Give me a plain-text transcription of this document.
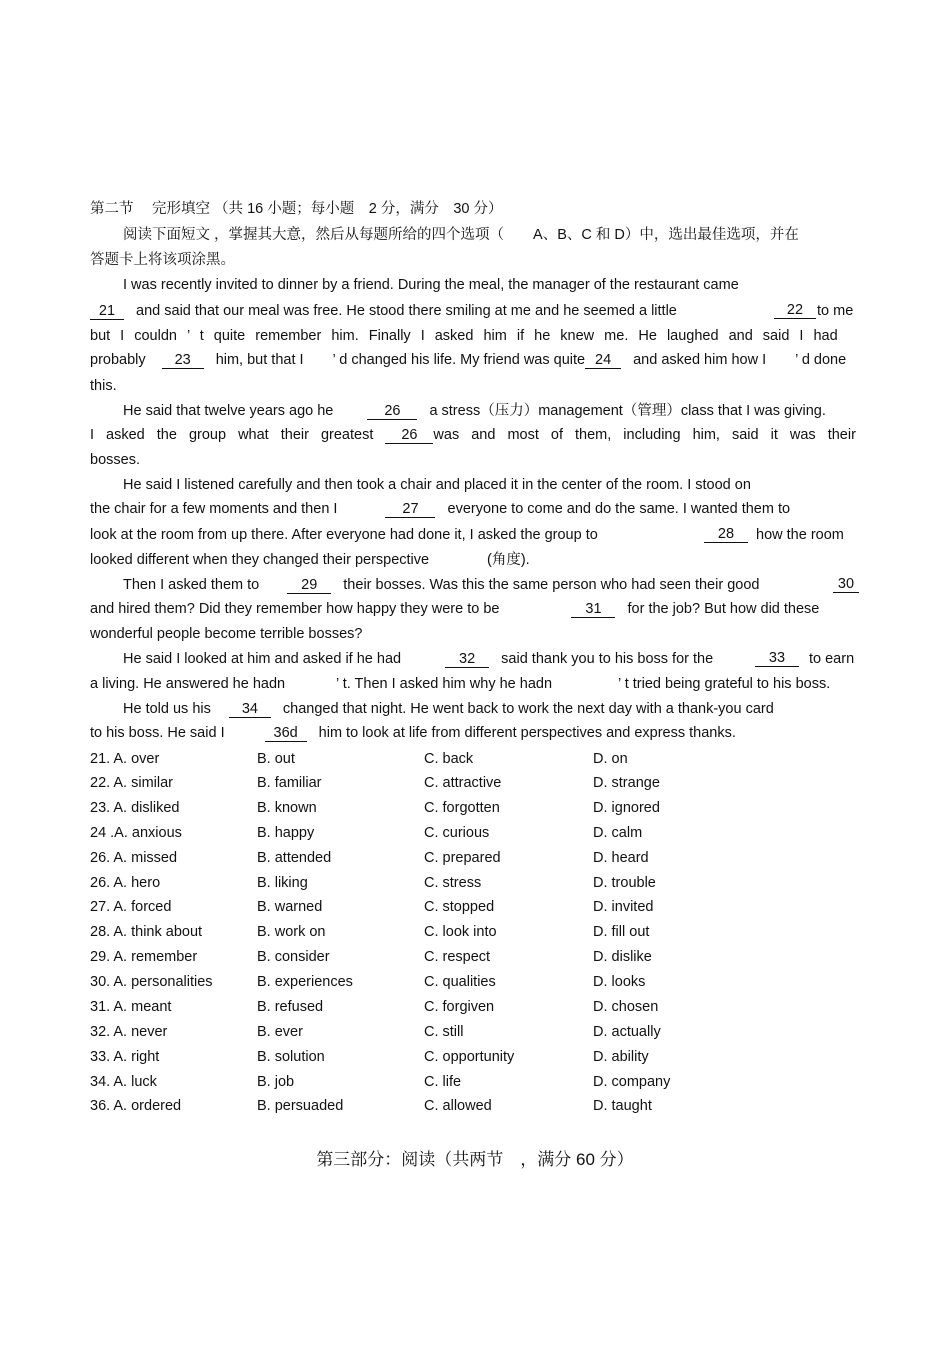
第二节　 完形填空 （共 16 小题；每小题　2 分，满分　30 分）
阅读下面短文 ，掌握其大意，然后从每题所给的四个选项（　　A、B、C 和 D）中，选出最佳选项，并在
答题卡上将该项涂黑。
I was recently invited to dinner by a friend. During the meal, the manager of the restaurant came
21 and said that our meal was free. He stood there smiling at me and he seemed a little	22 to me
but I couldn ’ t quite remember him. Finally I asked him if he knew me. He laughed and said I had
probably 23 him, but that I　　’ d changed his life. My friend was quite 24 and asked him how I　　’ d done
this.
He said that twelve years ago he	26 a stress（压力）management（管理）class that I was giving.
I asked the group what their greatest 26 was and most of them, including him, said it was their
bosses.
He said I listened carefully and then took a chair and placed it in the center of the room. I stood on
the chair for a few moments and then I	27 everyone to come and do the same. I wanted them to
look at the room from up there. After everyone had done it, I asked the group to	28	how the room
looked different when they changed their perspective	(角度).
Then I asked them to	29 their bosses. Was this the same person who had seen their good	30
and hired them? Did they remember how happy they were to be	31 for the job? But how did these
wonderful people become terrible bosses?
He said I looked at him and asked if he had	32 said thank you to his boss for the	33	to earn
a living. He answered he hadn	’ t. Then I asked him why he hadn	’ t tried being grateful to his boss.
He told us his 34 changed that night. He went back to work the next day with a thank-you card
to his boss. He said I	36d him to look at life from different perspectives and express thanks.
21. A. over	B. out	C. back	D. on
22. A. similar	B. familiar	C. attractive	D. strange
23. A. disliked	B. known	C. forgotten	D. ignored
24 .A. anxious	B. happy	C. curious	D. calm
26. A. missed	B. attended	C. prepared	D. heard
26. A. hero	B. liking	C. stress	D. trouble
27. A. forced	B. warned	C. stopped	D. invited
28. A. think about	B. work on	C. look into	D. fill out
29. A. remember	B. consider	C. respect	D. dislike
30. A. personalities	B. experiences	C. qualities	D. looks
31. A. meant	B. refused	C. forgiven	D. chosen
32. A. never	B. ever	C. still	D. actually
33. A. right	B. solution	C. opportunity	D. ability
34. A. luck	B. job	C. life	D. company
36. A. ordered	B. persuaded	C. allowed	D. taught
第三部分：阅读（共两节　，满分 60 分）
